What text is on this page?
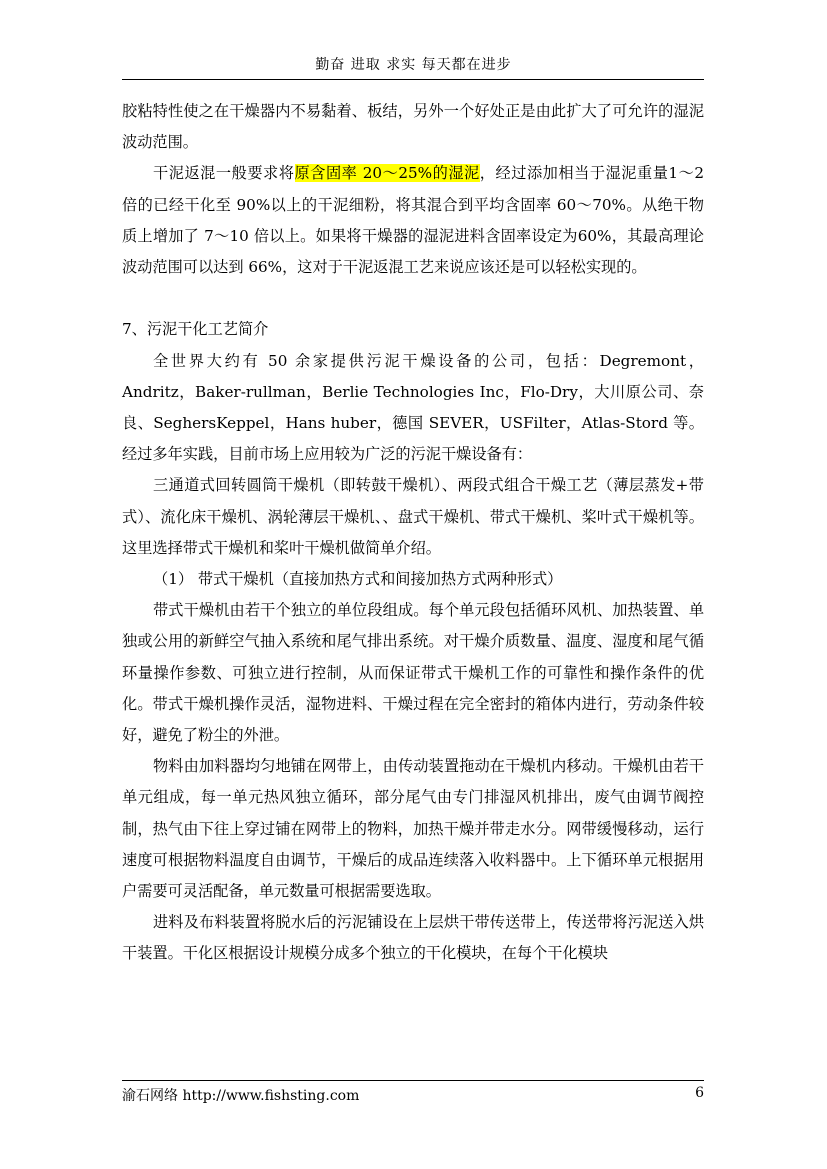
勤奋 进取 求实 每天都在进步

胶粘特性使之在干燥器内不易黏着、板结，另外一个好处正是由此扩大了可允许的湿泥波动范围。

干泥返混一般要求将原含固率 20～25%的湿泥，经过添加相当于湿泥重量1～2 倍的已经干化至 90%以上的干泥细粉，将其混合到平均含固率 60～70%。从绝干物质上增加了 7～10 倍以上。如果将干燥器的湿泥进料含固率设定为60%，其最高理论波动范围可以达到 66%，这对于干泥返混工艺来说应该还是可以轻松实现的。

7、污泥干化工艺简介

全世界大约有 50 余家提供污泥干燥设备的公司，包括：Degremont，Andritz，Baker-rullman，Berlie Technologies Inc，Flo-Dry，大川原公司、奈良、SeghersKeppel，Hans huber，德国 SEVER，USFilter，Atlas-Stord 等。经过多年实践，目前市场上应用较为广泛的污泥干燥设备有：

三通道式回转圆筒干燥机（即转鼓干燥机）、两段式组合干燥工艺（薄层蒸发+带式）、流化床干燥机、涡轮薄层干燥机、、盘式干燥机、带式干燥机、桨叶式干燥机等。这里选择带式干燥机和桨叶干燥机做简单介绍。

（1） 带式干燥机（直接加热方式和间接加热方式两种形式）

带式干燥机由若干个独立的单位段组成。每个单元段包括循环风机、加热装置、单独或公用的新鲜空气抽入系统和尾气排出系统。对干燥介质数量、温度、湿度和尾气循环量操作参数、可独立进行控制，从而保证带式干燥机工作的可靠性和操作条件的优化。带式干燥机操作灵活，湿物进料、干燥过程在完全密封的箱体内进行，劳动条件较好，避免了粉尘的外泄。

物料由加料器均匀地铺在网带上，由传动装置拖动在干燥机内移动。干燥机由若干单元组成，每一单元热风独立循环，部分尾气由专门排湿风机排出，废气由调节阀控制，热气由下往上穿过铺在网带上的物料，加热干燥并带走水分。网带缓慢移动，运行速度可根据物料温度自由调节，干燥后的成品连续落入收料器中。上下循环单元根据用户需要可灵活配备，单元数量可根据需要选取。

进料及布料装置将脱水后的污泥铺设在上层烘干带传送带上，传送带将污泥送入烘干装置。干化区根据设计规模分成多个独立的干化模块，在每个干化模块

渝石网络 http://www.fishsting.com	6
